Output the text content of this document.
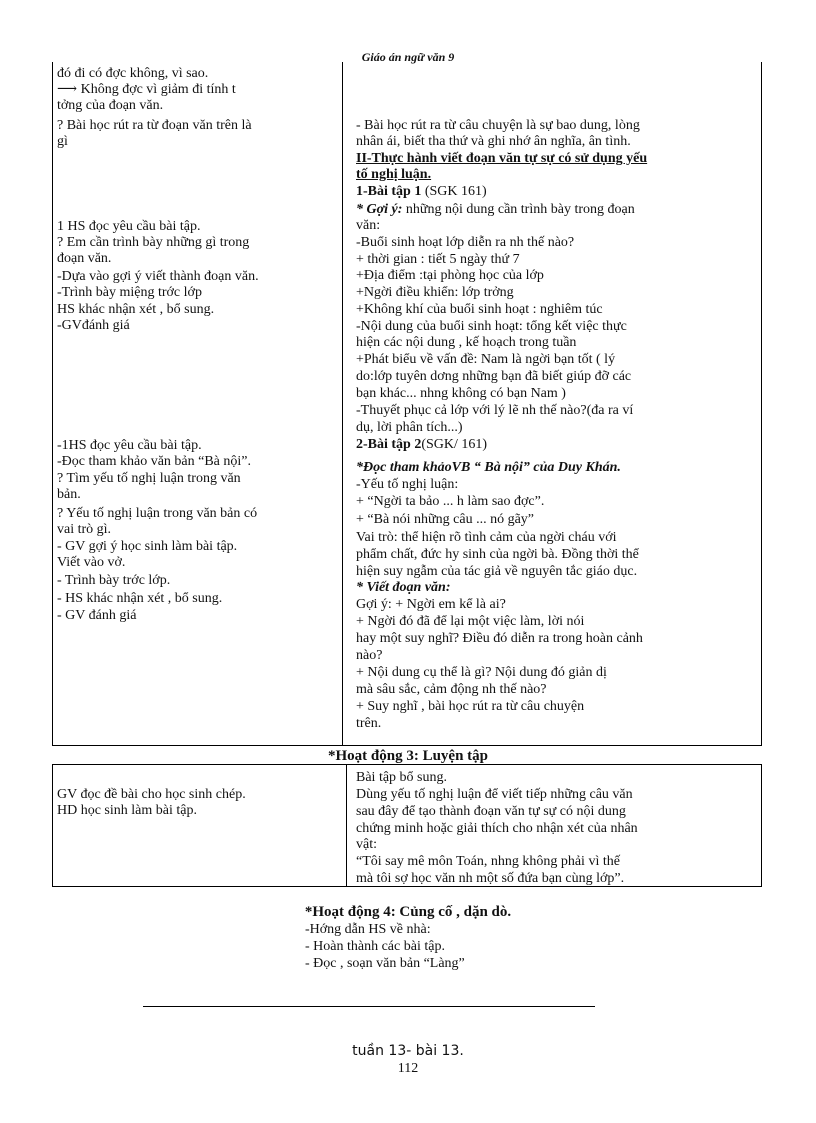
Giáo án ngữ văn 9
đó đi có đợc không, vì sao.
⟶ Không đợc vì giảm đi tính t
tởng của đoạn văn.
? Bài học rút ra từ đoạn văn trên là
gì
1 HS đọc yêu cầu bài tập.
? Em cần trình bày những gì trong
đoạn văn.
-Dựa vào gợi ý viết thành đoạn văn.
-Trình bày miệng trớc lớp
HS khác nhận xét , bổ sung.
-GVđánh giá
-1HS đọc yêu cầu bài tập.
-Đọc tham khảo văn bản “Bà nội”.
? Tìm yếu tố nghị luận trong văn
bản.
? Yếu tố nghị luận trong văn bản có
vai trò gì.
- GV gợi ý học sinh làm bài tập.
Viết vào vở.
- Trình bày trớc lớp.
- HS khác nhận xét , bổ sung.
- GV đánh giá
- Bài học rút ra từ câu chuyện là sự bao dung, lòng
nhân ái, biết tha thứ và ghi nhớ ân nghĩa, ân tình.
II-Thực hành viết đoạn văn tự sự có sử dụng yếu
tố nghị luận.
1-Bài tập 1 (SGK 161)
* Gợi ý: những nội dung cần trình bày trong đoạn
văn:
-Buổi sinh hoạt lớp diễn ra nh thế nào?
+ thời gian : tiết 5 ngày thứ 7
+Địa điểm :tại phòng học của lớp
+Ngời điều khiển: lớp trởng
+Không khí của buổi sinh hoạt : nghiêm túc
-Nội dung của buổi sinh hoạt: tổng kết việc thực
hiện các nội dung , kế hoạch trong tuần
+Phát biểu về vấn đề: Nam là ngời bạn tốt ( lý
do:lớp tuyên dơng những bạn đã biết giúp đỡ các
bạn khác... nhng không có bạn Nam )
-Thuyết phục cả lớp với lý lẽ nh thế nào?(đa ra ví
dụ, lời phân tích...)
2-Bài tập 2(SGK/ 161)
*Đọc tham khảoVB “ Bà nội” của Duy Khán.
-Yếu tố nghị luận:
+ “Ngời ta bảo ... h làm sao đợc”.
+ “Bà nói những câu ... nó gãy”
Vai trò: thể hiện rõ tình cảm của ngời cháu với
phẩm chất, đức hy sinh của ngời bà. Đồng thời thể
hiện suy ngẫm của tác giả về nguyên tắc giáo dục.
* Viết đoạn văn:
Gợi ý: + Ngời em kể là ai?
+ Ngời đó đã để lại một việc làm, lời nói
hay một suy nghĩ? Điều đó diễn ra trong hoàn cảnh
nào?
+ Nội dung cụ thể là gì? Nội dung đó giản dị
mà sâu sắc, cảm động nh thế nào?
+ Suy nghĩ , bài học rút ra từ câu chuyện
trên.
*Hoạt động 3: Luyện tập
GV đọc đề bài cho học sinh chép.
HD học sinh làm bài tập.
Bài tập bổ sung.
Dùng yếu tố nghị luận để viết tiếp những câu văn
sau đây để tạo thành đoạn văn tự sự có nội dung
chứng minh hoặc giải thích cho nhận xét của nhân
vật:
“Tôi say mê môn Toán, nhng không phải vì thế
mà tôi sợ học văn nh một số đứa bạn cùng lớp”.
*Hoạt động 4: Củng cố , dặn dò.
-Hớng dẫn HS về nhà:
- Hoàn thành các bài tập.
- Đọc , soạn văn bản “Làng”
tuần 13- bài 13.
112
